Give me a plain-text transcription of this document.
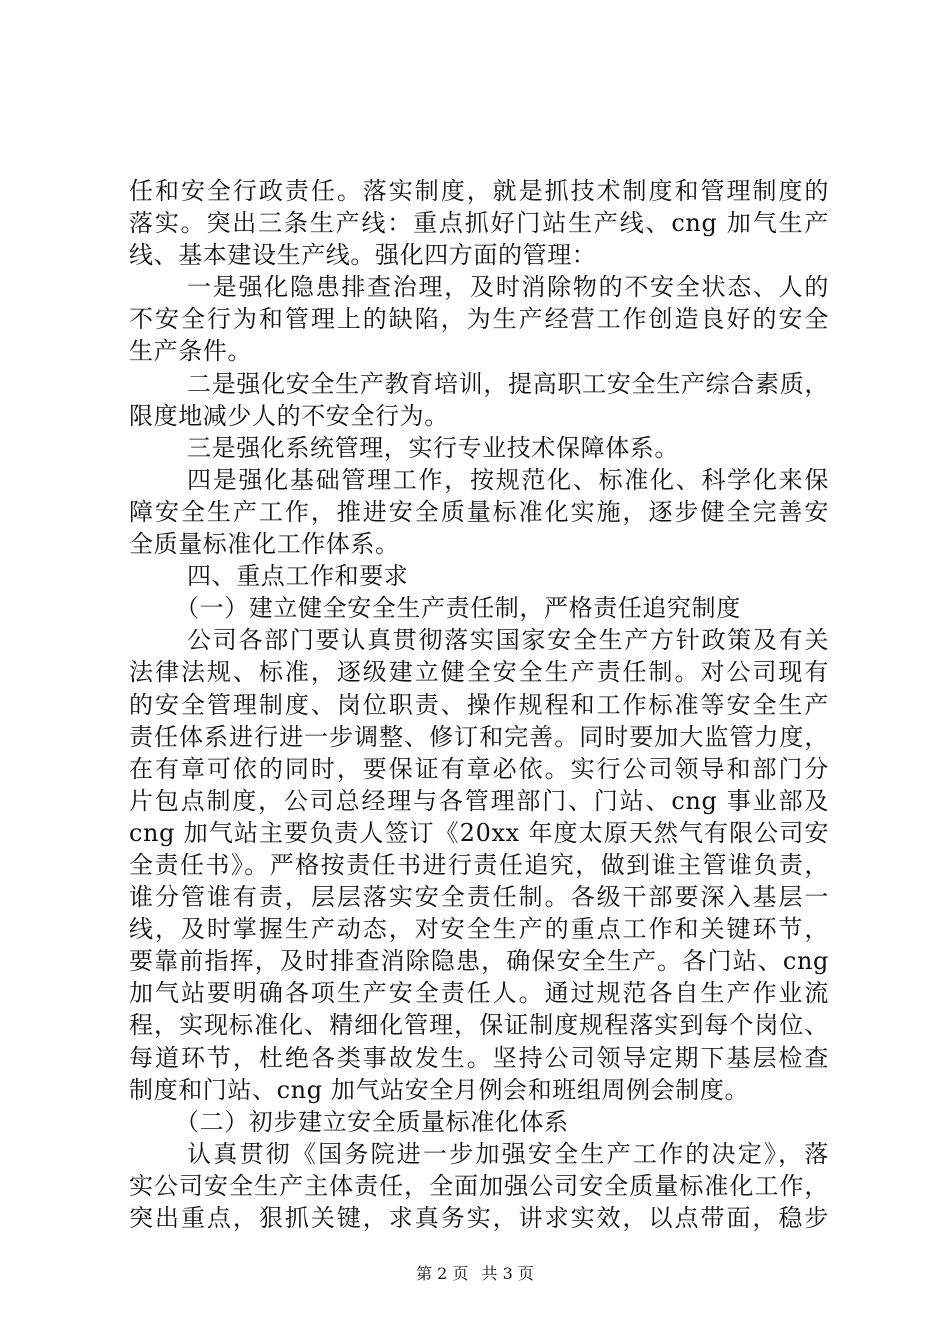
任和安全行政责任。落实制度，就是抓技术制度和管理制度的
落实。突出三条生产线：重点抓好门站生产线、cng 加气生产
线、基本建设生产线。强化四方面的管理：
一是强化隐患排查治理，及时消除物的不安全状态、人的
不安全行为和管理上的缺陷，为生产经营工作创造良好的安全
生产条件。
二是强化安全生产教育培训，提高职工安全生产综合素质，
限度地减少人的不安全行为。
三是强化系统管理，实行专业技术保障体系。
四是强化基础管理工作，按规范化、标准化、科学化来保
障安全生产工作，推进安全质量标准化实施，逐步健全完善安
全质量标准化工作体系。
四、重点工作和要求
（一）建立健全安全生产责任制，严格责任追究制度
公司各部门要认真贯彻落实国家安全生产方针政策及有关
法律法规、标准，逐级建立健全安全生产责任制。对公司现有
的安全管理制度、岗位职责、操作规程和工作标准等安全生产
责任体系进行进一步调整、修订和完善。同时要加大监管力度，
在有章可依的同时，要保证有章必依。实行公司领导和部门分
片包点制度，公司总经理与各管理部门、门站、cng 事业部及
cng 加气站主要负责人签订《20xx 年度太原天然气有限公司安
全责任书》。严格按责任书进行责任追究，做到谁主管谁负责，
谁分管谁有责，层层落实安全责任制。各级干部要深入基层一
线，及时掌握生产动态，对安全生产的重点工作和关键环节，
要靠前指挥，及时排查消除隐患，确保安全生产。各门站、cng
加气站要明确各项生产安全责任人。通过规范各自生产作业流
程，实现标准化、精细化管理，保证制度规程落实到每个岗位、
每道环节，杜绝各类事故发生。坚持公司领导定期下基层检查
制度和门站、cng 加气站安全月例会和班组周例会制度。
（二）初步建立安全质量标准化体系
认真贯彻《国务院进一步加强安全生产工作的决定》，落
实公司安全生产主体责任，全面加强公司安全质量标准化工作，
突出重点，狠抓关键，求真务实，讲求实效，以点带面，稳步
第 2 页 共 3 页
